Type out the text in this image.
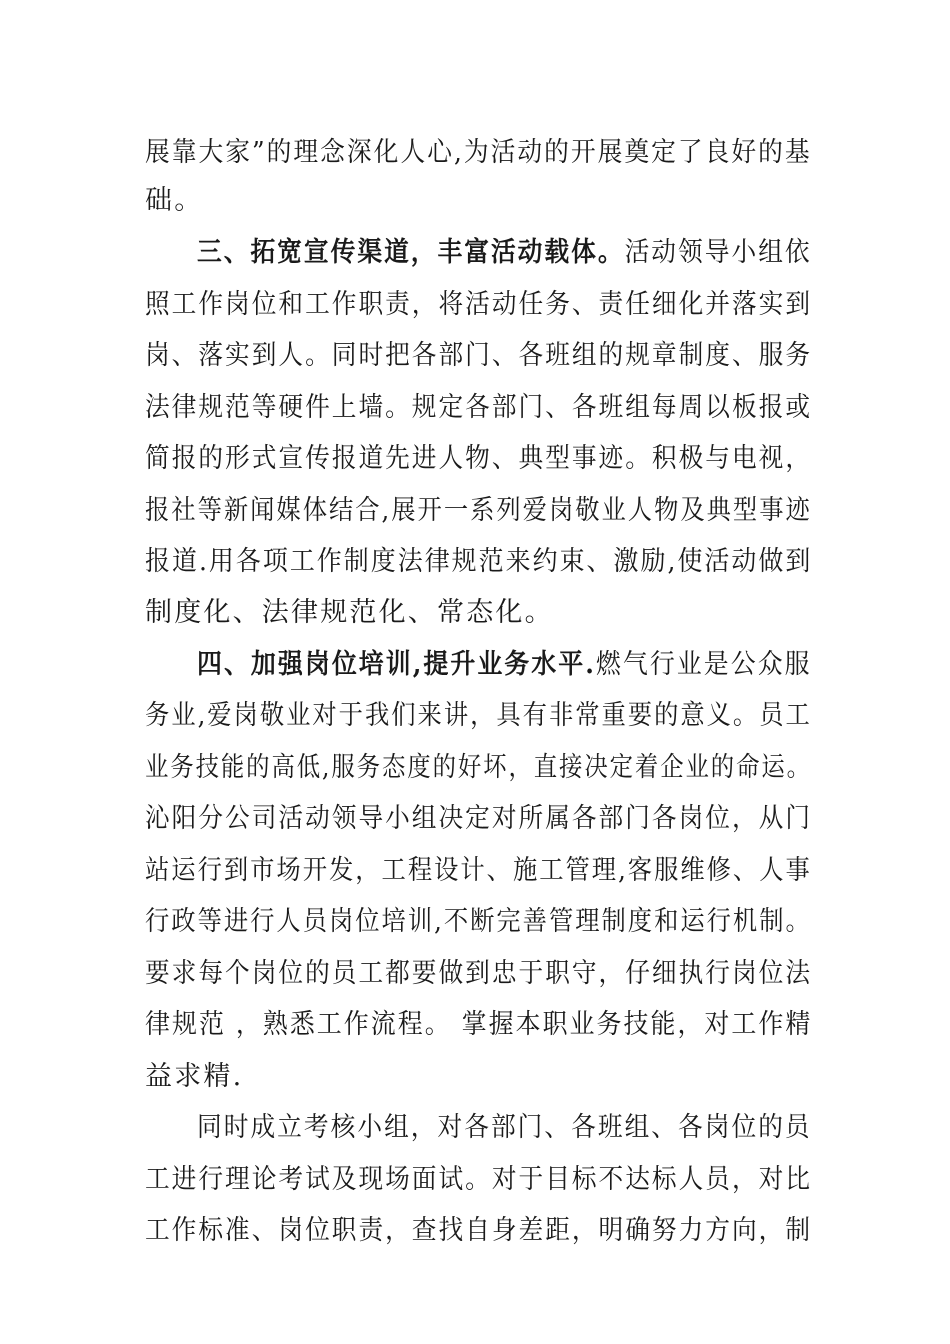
展靠大家”的理念深化人心,为活动的开展奠定了良好的基
础。
三、拓宽宣传渠道，丰富活动载体。活动领导小组依
照工作岗位和工作职责，将活动任务、责任细化并落实到
岗、落实到人。同时把各部门、各班组的规章制度、服务
法律规范等硬件上墙。规定各部门、各班组每周以板报或
简报的形式宣传报道先进人物、典型事迹。积极与电视，
报社等新闻媒体结合,展开一系列爱岗敬业人物及典型事迹
报道.用各项工作制度法律规范来约束、激励,使活动做到
制度化、法律规范化、常态化。
四、加强岗位培训,提升业务水平.燃气行业是公众服
务业,爱岗敬业对于我们来讲，具有非常重要的意义。员工
业务技能的高低,服务态度的好坏，直接决定着企业的命运。
沁阳分公司活动领导小组决定对所属各部门各岗位，从门
站运行到市场开发，工程设计、施工管理,客服维修、人事
行政等进行人员岗位培训,不断完善管理制度和运行机制。
要求每个岗位的员工都要做到忠于职守，仔细执行岗位法
律规范 ，熟悉工作流程。 掌握本职业务技能，对工作精
益求精.
同时成立考核小组，对各部门、各班组、各岗位的员
工进行理论考试及现场面试。对于目标不达标人员，对比
工作标准、岗位职责，查找自身差距，明确努力方向，制
